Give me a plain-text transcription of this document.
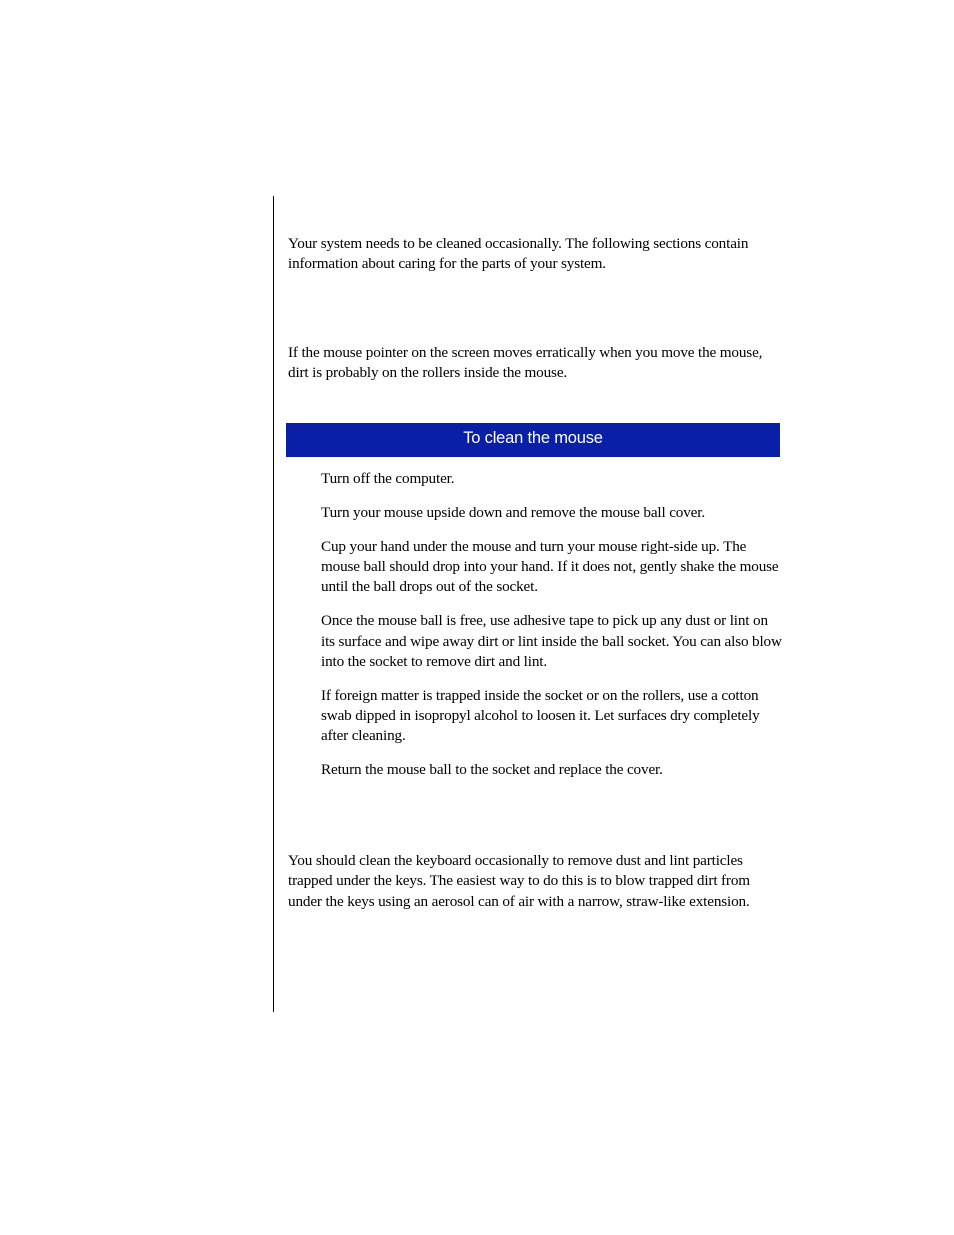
Your system needs to be cleaned occasionally. The following sections contain information about caring for the parts of your system.

If the mouse pointer on the screen moves erratically when you move the mouse, dirt is probably on the rollers inside the mouse.

To clean the mouse
Turn off the computer.
Turn your mouse upside down and remove the mouse ball cover.
Cup your hand under the mouse and turn your mouse right-side up. The mouse ball should drop into your hand. If it does not, gently shake the mouse until the ball drops out of the socket.
Once the mouse ball is free, use adhesive tape to pick up any dust or lint on its surface and wipe away dirt or lint inside the ball socket. You can also blow into the socket to remove dirt and lint.
If foreign matter is trapped inside the socket or on the rollers, use a cotton swab dipped in isopropyl alcohol to loosen it. Let surfaces dry completely after cleaning.
Return the mouse ball to the socket and replace the cover.

You should clean the keyboard occasionally to remove dust and lint particles trapped under the keys. The easiest way to do this is to blow trapped dirt from under the keys using an aerosol can of air with a narrow, straw-like extension.
